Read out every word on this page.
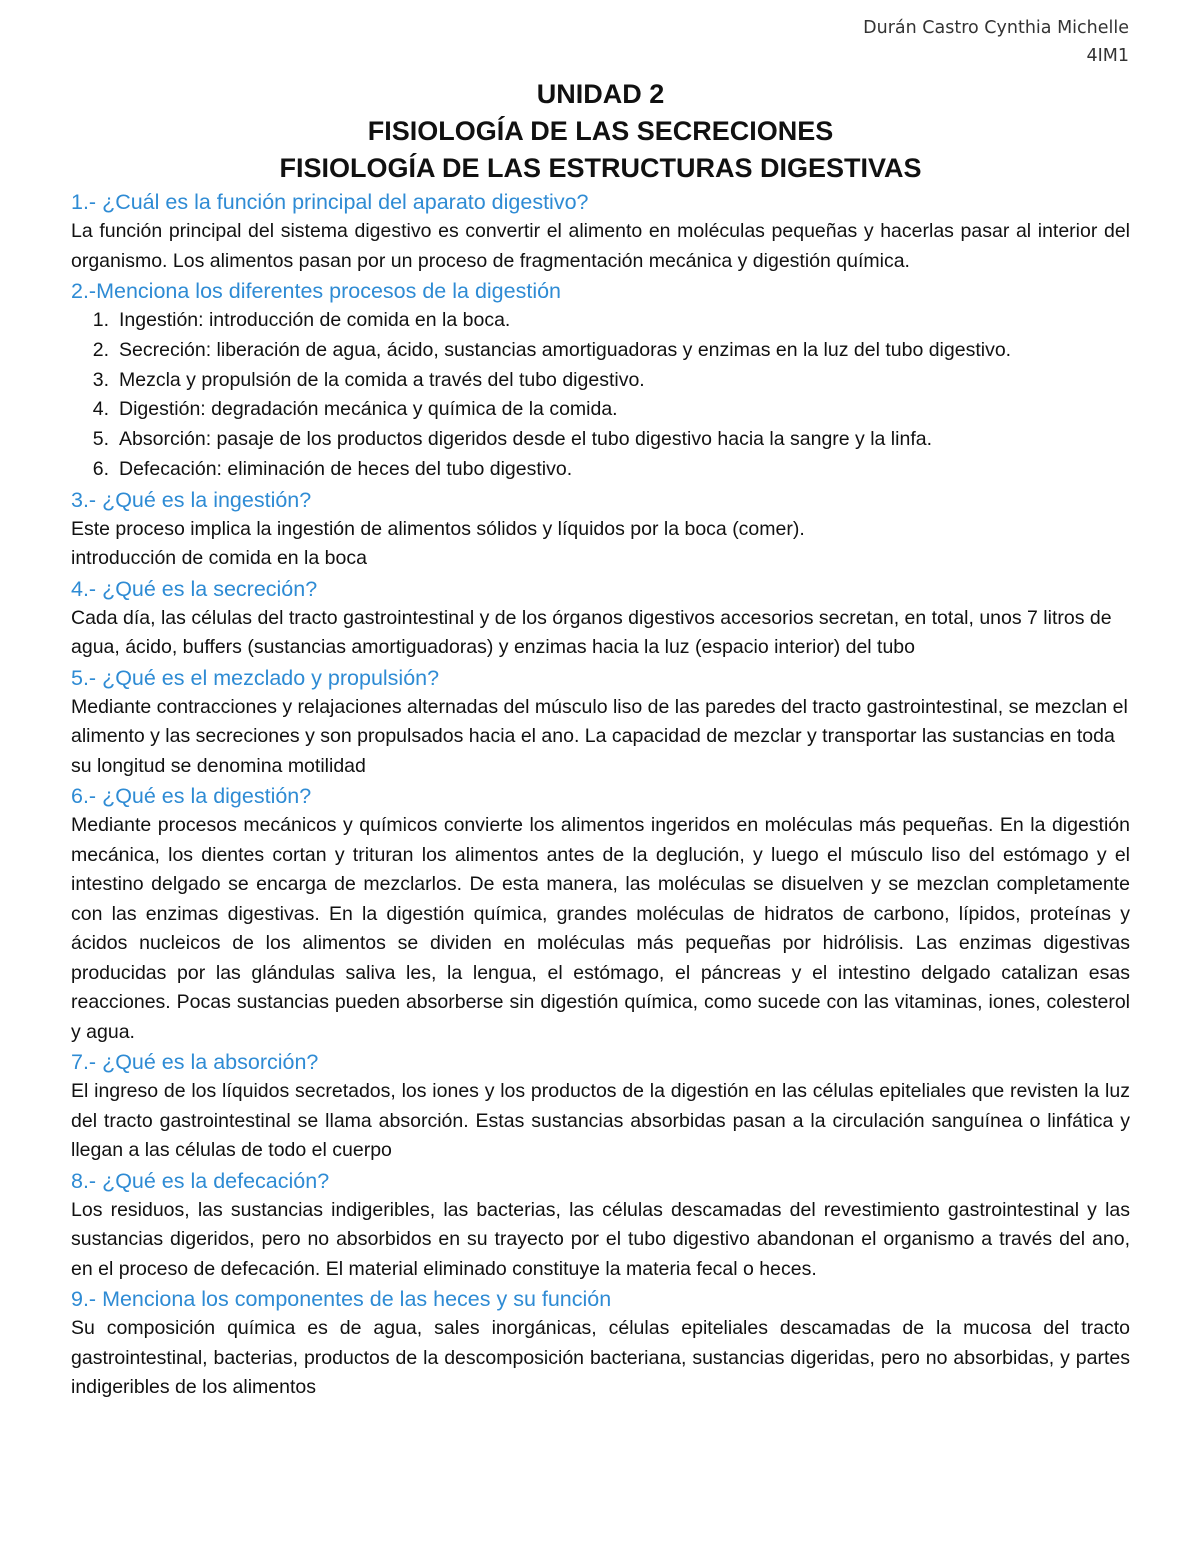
Durán Castro Cynthia Michelle
4IM1
UNIDAD 2
FISIOLOGÍA DE LAS SECRECIONES
FISIOLOGÍA DE LAS ESTRUCTURAS DIGESTIVAS

1.- ¿Cuál es la función principal del aparato digestivo?

La función principal del sistema digestivo es convertir el alimento en moléculas pequeñas y hacerlas pasar al interior del organismo. Los alimentos pasan por un proceso de fragmentación mecánica y digestión química.

2.-Menciona los diferentes procesos de la digestión

1. Ingestión: introducción de comida en la boca.
2. Secreción: liberación de agua, ácido, sustancias amortiguadoras y enzimas en la luz del tubo digestivo.
3. Mezcla y propulsión de la comida a través del tubo digestivo.
4. Digestión: degradación mecánica y química de la comida.
5. Absorción: pasaje de los productos digeridos desde el tubo digestivo hacia la sangre y la linfa.
6. Defecación: eliminación de heces del tubo digestivo.

3.- ¿Qué es la ingestión?

Este proceso implica la ingestión de alimentos sólidos y líquidos por la boca (comer).

introducción de comida en la boca

4.- ¿Qué es la secreción?

Cada día, las células del tracto gastrointestinal y de los órganos digestivos accesorios secretan, en total, unos 7 litros de agua, ácido, buffers (sustancias amortiguadoras) y enzimas hacia la luz (espacio interior) del tubo

5.- ¿Qué es el mezclado y propulsión?

Mediante contracciones y relajaciones alternadas del músculo liso de las paredes del tracto gastrointestinal, se mezclan el alimento y las secreciones y son propulsados hacia el ano. La capacidad de mezclar y transportar las sustancias en toda su longitud se denomina motilidad

6.- ¿Qué es la digestión?

Mediante procesos mecánicos y químicos convierte los alimentos ingeridos en moléculas más pequeñas. En la digestión mecánica, los dientes cortan y trituran los alimentos antes de la deglución, y luego el músculo liso del estómago y el intestino delgado se encarga de mezclarlos. De esta manera, las moléculas se disuelven y se mezclan completamente con las enzimas digestivas. En la digestión química, grandes moléculas de hidratos de carbono, lípidos, proteínas y ácidos nucleicos de los alimentos se dividen en moléculas más pequeñas por hidrólisis. Las enzimas digestivas producidas por las glándulas saliva les, la lengua, el estómago, el páncreas y el intestino delgado catalizan esas reacciones. Pocas sustancias pueden absorberse sin digestión química, como sucede con las vitaminas, iones, colesterol y agua.

7.- ¿Qué es la absorción?

El ingreso de los líquidos secretados, los iones y los productos de la digestión en las células epiteliales que revisten la luz del tracto gastrointestinal se llama absorción. Estas sustancias absorbidas pasan a la circulación sanguínea o linfática y llegan a las células de todo el cuerpo

8.- ¿Qué es la defecación?

Los residuos, las sustancias indigeribles, las bacterias, las células descamadas del revestimiento gastrointestinal y las sustancias digeridos, pero no absorbidos en su trayecto por el tubo digestivo abandonan el organismo a través del ano, en el proceso de defecación. El material eliminado constituye la materia fecal o heces.

9.- Menciona los componentes de las heces y su función

Su composición química es de agua, sales inorgánicas, células epiteliales descamadas de la mucosa del tracto gastrointestinal, bacterias, productos de la descomposición bacteriana, sustancias digeridas, pero no absorbidas, y partes indigeribles de los alimentos
